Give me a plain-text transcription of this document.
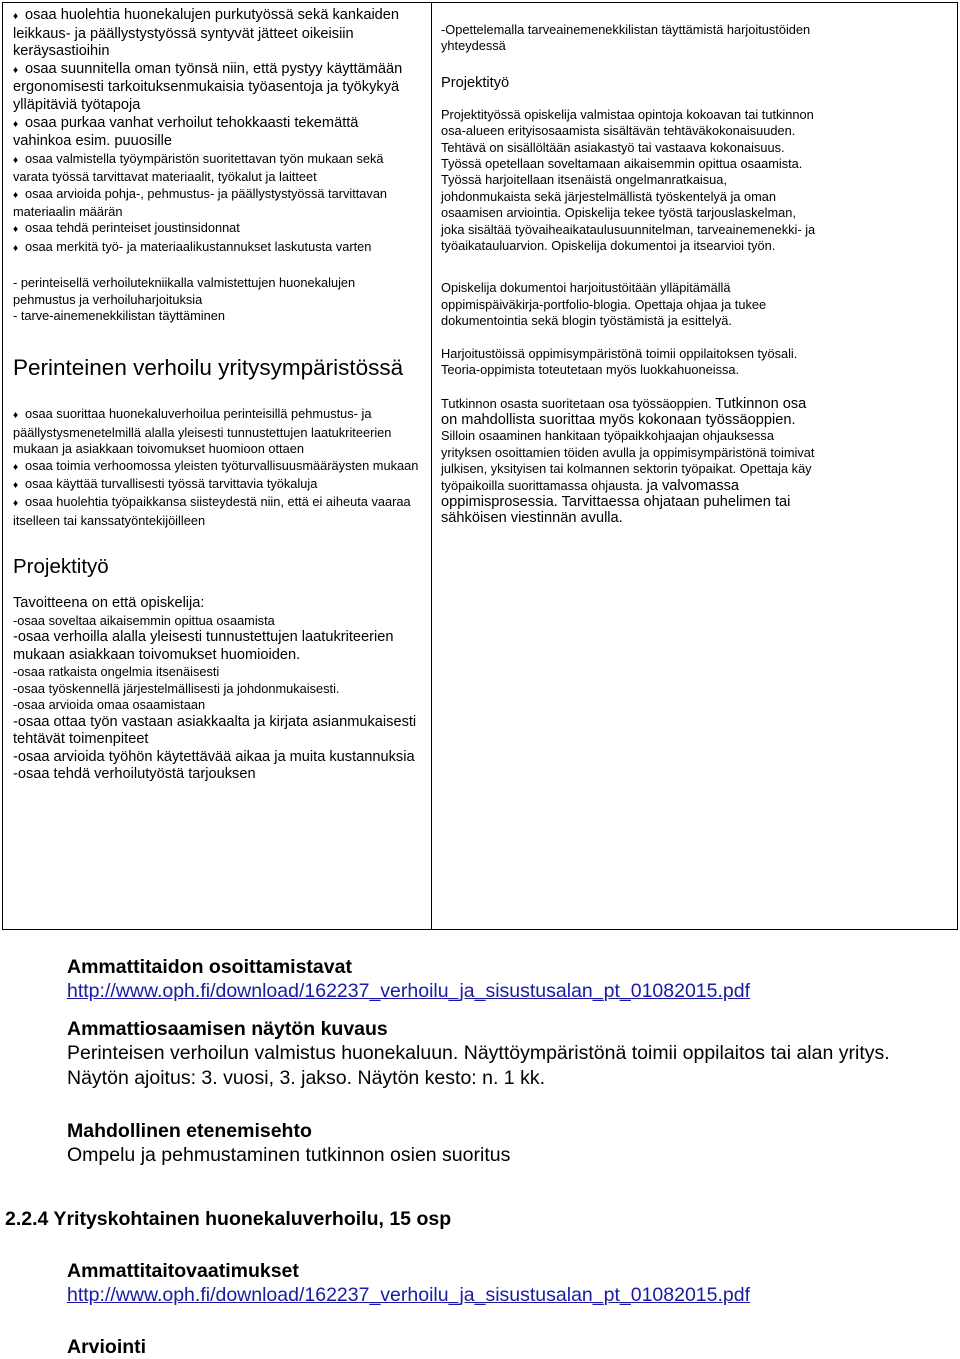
♦ osaa huolehtia huonekalujen purkutyössä sekä kankaiden leikkaus- ja päällystystyössä syntyvät jätteet oikeisiin keräysastioihin

♦ osaa suunnitella oman työnsä niin, että pystyy käyttämään ergonomisesti tarkoituksenmukaisia työasentoja ja työkykyä ylläpitäviä työtapoja

♦ osaa purkaa vanhat verhoilut tehokkaasti tekemättä vahinkoa esim. puuosille

♦ osaa valmistella työympäristön suoritettavan työn mukaan sekä varata työssä tarvittavat materiaalit, työkalut ja laitteet

♦ osaa arvioida pohja-, pehmustus- ja päällystystyössä tarvittavan materiaalin määrän

♦ osaa tehdä perinteiset joustinsidonnat

♦ osaa merkitä työ- ja materiaalikustannukset laskutusta varten

- perinteisellä verhoilutekniikalla valmistettujen huonekalujen pehmustus ja verhoiluharjoituksia

- tarve-ainemenekkilistan täyttäminen

Perinteinen verhoilu yritysympäristössä

♦ osaa suorittaa huonekaluverhoilua perinteisillä pehmustus- ja päällystysmenetelmillä alalla yleisesti tunnustettujen laatukriteerien mukaan ja asiakkaan toivomukset huomioon ottaen

♦ osaa toimia verhoomossa yleisten työturvallisuusmääräysten mukaan

♦ osaa käyttää turvallisesti työssä tarvittavia työkaluja

♦ osaa huolehtia työpaikkansa siisteydestä niin, että ei aiheuta vaaraa itselleen tai kanssatyöntekijöilleen

Projektityö

Tavoitteena on että opiskelija:

-osaa soveltaa aikaisemmin opittua osaamista

-osaa verhoilla alalla yleisesti tunnustettujen laatukriteerien mukaan asiakkaan toivomukset huomioiden.

-osaa ratkaista ongelmia itsenäisesti

-osaa työskennellä järjestelmällisesti ja johdonmukaisesti.

-osaa arvioida omaa osaamistaan

-osaa ottaa työn vastaan asiakkaalta ja kirjata asianmukaisesti tehtävät toimenpiteet

-osaa arvioida työhön käytettävää aikaa ja muita kustannuksia

-osaa tehdä verhoilutyöstä tarjouksen

-Opettelemalla tarveainemenekkilistan täyttämistä harjoitustöiden yhteydessä

Projektityö

Projektityössä opiskelija valmistaa opintoja kokoavan tai tutkinnon osa-alueen erityisosaamista sisältävän tehtäväkokonaisuuden. Tehtävä on sisällöltään asiakastyö tai vastaava kokonaisuus. Työssä opetellaan soveltamaan aikaisemmin opittua osaamista. Työssä harjoitellaan itsenäistä ongelmanratkaisua, johdonmukaista sekä järjestelmällistä työskentelyä ja oman osaamisen arviointia. Opiskelija tekee työstä tarjouslaskelman, joka sisältää työvaiheaikataulusuunnitelman, tarveainemenekki- ja työaikatauluarvion. Opiskelija dokumentoi ja itsearvioi työn.

Opiskelija dokumentoi harjoitustöitään ylläpitämällä oppimispäiväkirja-portfolio-blogia. Opettaja ohjaa ja tukee dokumentointia sekä blogin työstämistä ja esittelyä.

Harjoitustöissä oppimisympäristönä toimii oppilaitoksen työsali. Teoria-oppimista toteutetaan myös luokkahuoneissa.

Tutkinnon osasta suoritetaan osa työssäoppien. Tutkinnon osa on mahdollista suorittaa myös kokonaan työssäoppien. Silloin osaaminen hankitaan työpaikkohjaajan ohjauksessa yrityksen osoittamien töiden avulla ja oppimisympäristönä toimivat julkisen, yksityisen tai kolmannen sektorin työpaikat. Opettaja käy työpaikoilla suorittamassa ohjausta. ja valvomassa oppimisprosessia. Tarvittaessa ohjataan puhelimen tai sähköisen viestinnän avulla.

Ammattitaidon osoittamistavat

http://www.oph.fi/download/162237_verhoilu_ja_sisustusalan_pt_01082015.pdf

Ammattiosaamisen näytön kuvaus

Perinteisen verhoilun valmistus huonekaluun. Näyttöympäristönä toimii oppilaitos tai alan yritys. Näytön ajoitus: 3. vuosi, 3. jakso. Näytön kesto: n. 1 kk.

Mahdollinen etenemisehto

Ompelu ja pehmustaminen tutkinnon osien suoritus

2.2.4 Yrityskohtainen huonekaluverhoilu, 15 osp

Ammattitaitovaatimukset

http://www.oph.fi/download/162237_verhoilu_ja_sisustusalan_pt_01082015.pdf

Arviointi
